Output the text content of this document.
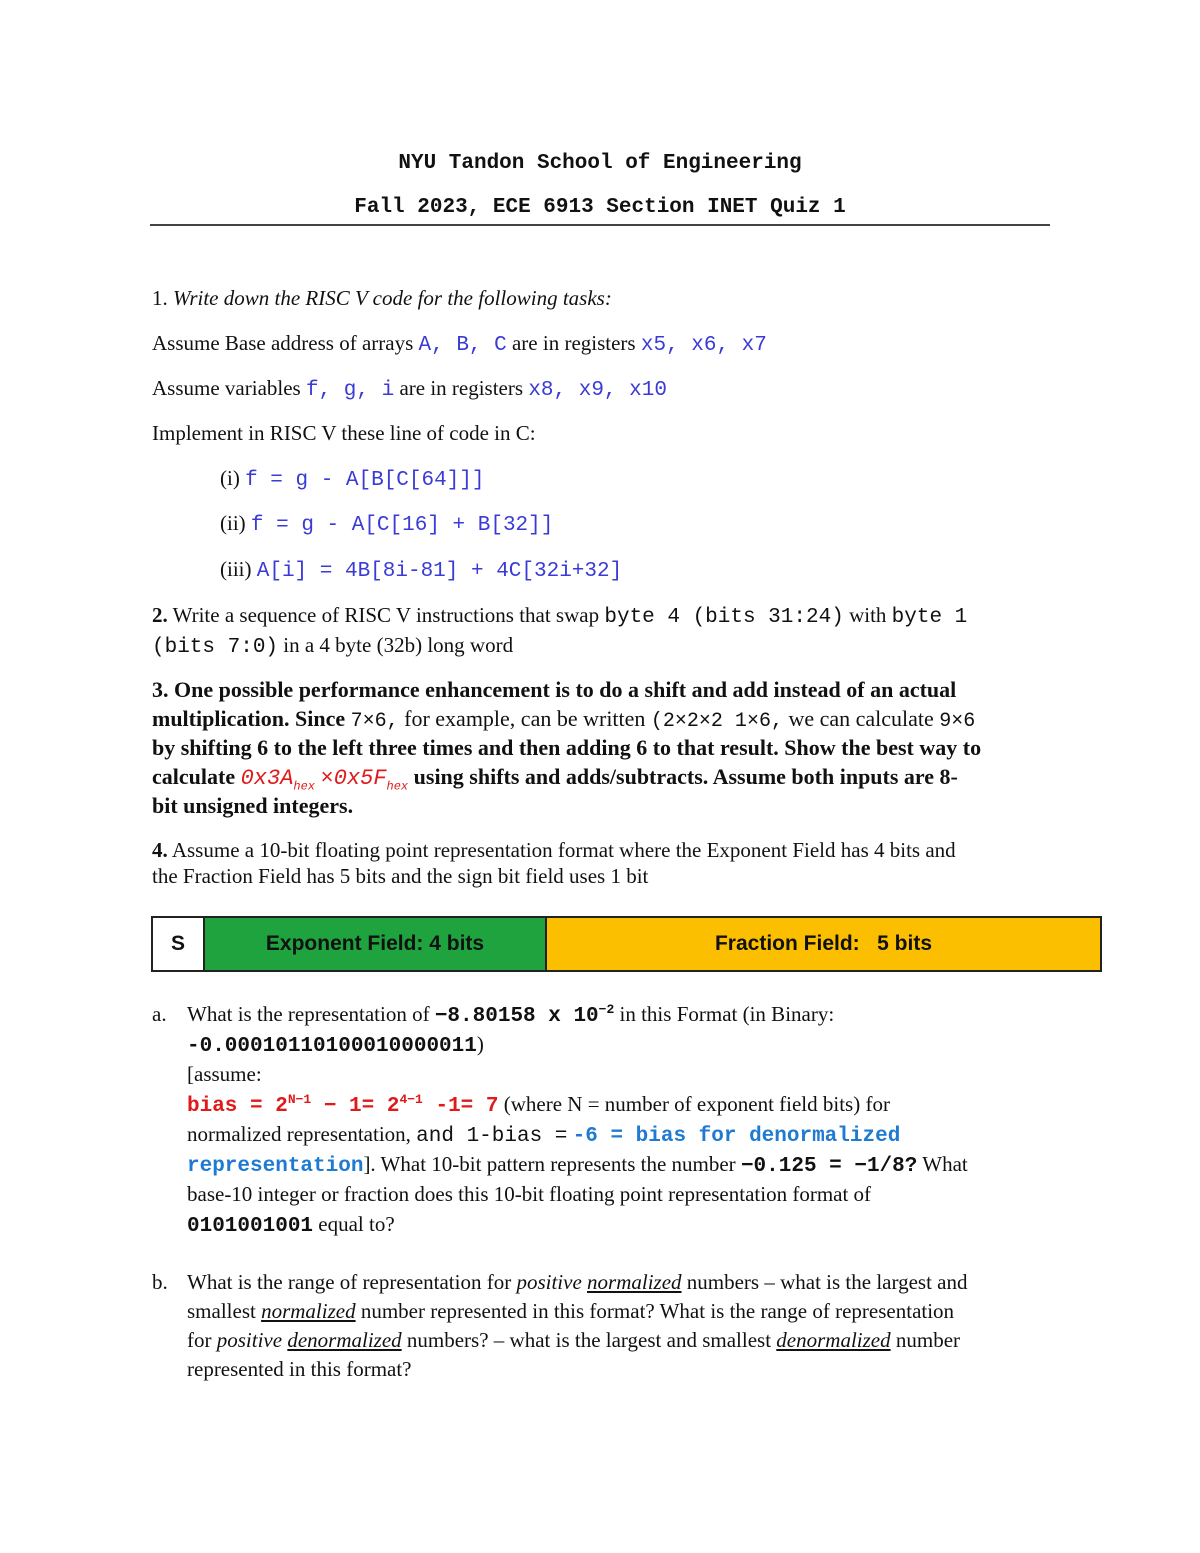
NYU Tandon School of Engineering
Fall 2023, ECE 6913 Section INET Quiz 1
1. Write down the RISC V code for the following tasks:
Assume Base address of arrays A, B, C are in registers x5, x6, x7
Assume variables f, g, i are in registers x8, x9, x10
Implement in RISC V these line of code in C:
(i) f = g - A[B[C[64]]]
(ii) f = g - A[C[16] + B[32]]
(iii) A[i] = 4B[8i-81] + 4C[32i+32]
2. Write a sequence of RISC V instructions that swap byte 4 (bits 31:24) with byte 1
(bits 7:0) in a 4 byte (32b) long word
3. One possible performance enhancement is to do a shift and add instead of an actual
multiplication. Since 7×6, for example, can be written (2×2×2 1×6, we can calculate 9×6
by shifting 6 to the left three times and then adding 6 to that result. Show the best way to
calculate $0x3A_{hex} \times 0x5F_{hex}$ using shifts and adds/subtracts. Assume both inputs are 8-
bit unsigned integers.
4. Assume a 10-bit floating point representation format where the Exponent Field has 4 bits and
the Fraction Field has 5 bits and the sign bit field uses 1 bit
S	Exponent Field: 4 bits	Fraction Field:   5 bits
a. What is the representation of −8.80158 x $10^{-2}$ in this Format (in Binary:
-0.00010110100010000011)
[assume:
bias = $2^{N-1} - 1= 2^{4-1}$ -1= 7 (where N = number of exponent field bits) for
normalized representation, and 1-bias = -6 = bias for denormalized
representation]. What 10-bit pattern represents the number −0.125 = −1/8? What
base-10 integer or fraction does this 10-bit floating point representation format of
0101001001 equal to?
b. What is the range of representation for positive normalized numbers – what is the largest and
smallest normalized number represented in this format? What is the range of representation
for positive denormalized numbers? – what is the largest and smallest denormalized number
represented in this format?
